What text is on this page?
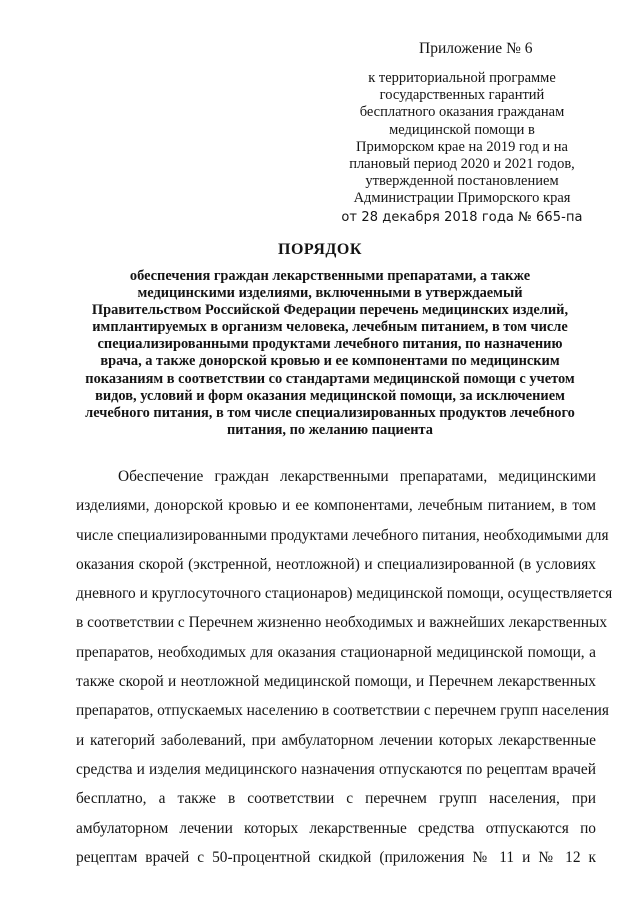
Приложение № 6
к территориальной программе
государственных гарантий
бесплатного оказания гражданам
медицинской помощи в
Приморском крае на 2019 год и на
плановый период 2020 и 2021 годов,
утвержденной постановлением
Администрации Приморского края
от 28 декабря 2018 года № 665-па
ПОРЯДОК
обеспечения граждан лекарственными препаратами, а также
медицинскими изделиями, включенными в утверждаемый
Правительством Российской Федерации перечень медицинских изделий,
имплантируемых в организм человека, лечебным питанием, в том числе
специализированными продуктами лечебного питания, по назначению
врача, а также донорской кровью и ее компонентами по медицинским
показаниям в соответствии со стандартами медицинской помощи с учетом
видов, условий и форм оказания медицинской помощи, за исключением
лечебного питания, в том числе специализированных продуктов лечебного
питания, по желанию пациента
Обеспечение граждан лекарственными препаратами, медицинскими
изделиями, донорской кровью и ее компонентами, лечебным питанием, в том
числе специализированными продуктами лечебного питания, необходимыми для
оказания скорой (экстренной, неотложной) и специализированной (в условиях
дневного и круглосуточного стационаров) медицинской помощи, осуществляется
в соответствии с Перечнем жизненно необходимых и важнейших лекарственных
препаратов, необходимых для оказания стационарной медицинской помощи, а
также скорой и неотложной медицинской помощи, и Перечнем лекарственных
препаратов, отпускаемых населению в соответствии с перечнем групп населения
и категорий заболеваний, при амбулаторном лечении которых лекарственные
средства и изделия медицинского назначения отпускаются по рецептам врачей
бесплатно, а также в соответствии с перечнем групп населения, при
амбулаторном лечении которых лекарственные средства отпускаются по
рецептам врачей с 50-процентной скидкой (приложения № 11 и № 12 к
